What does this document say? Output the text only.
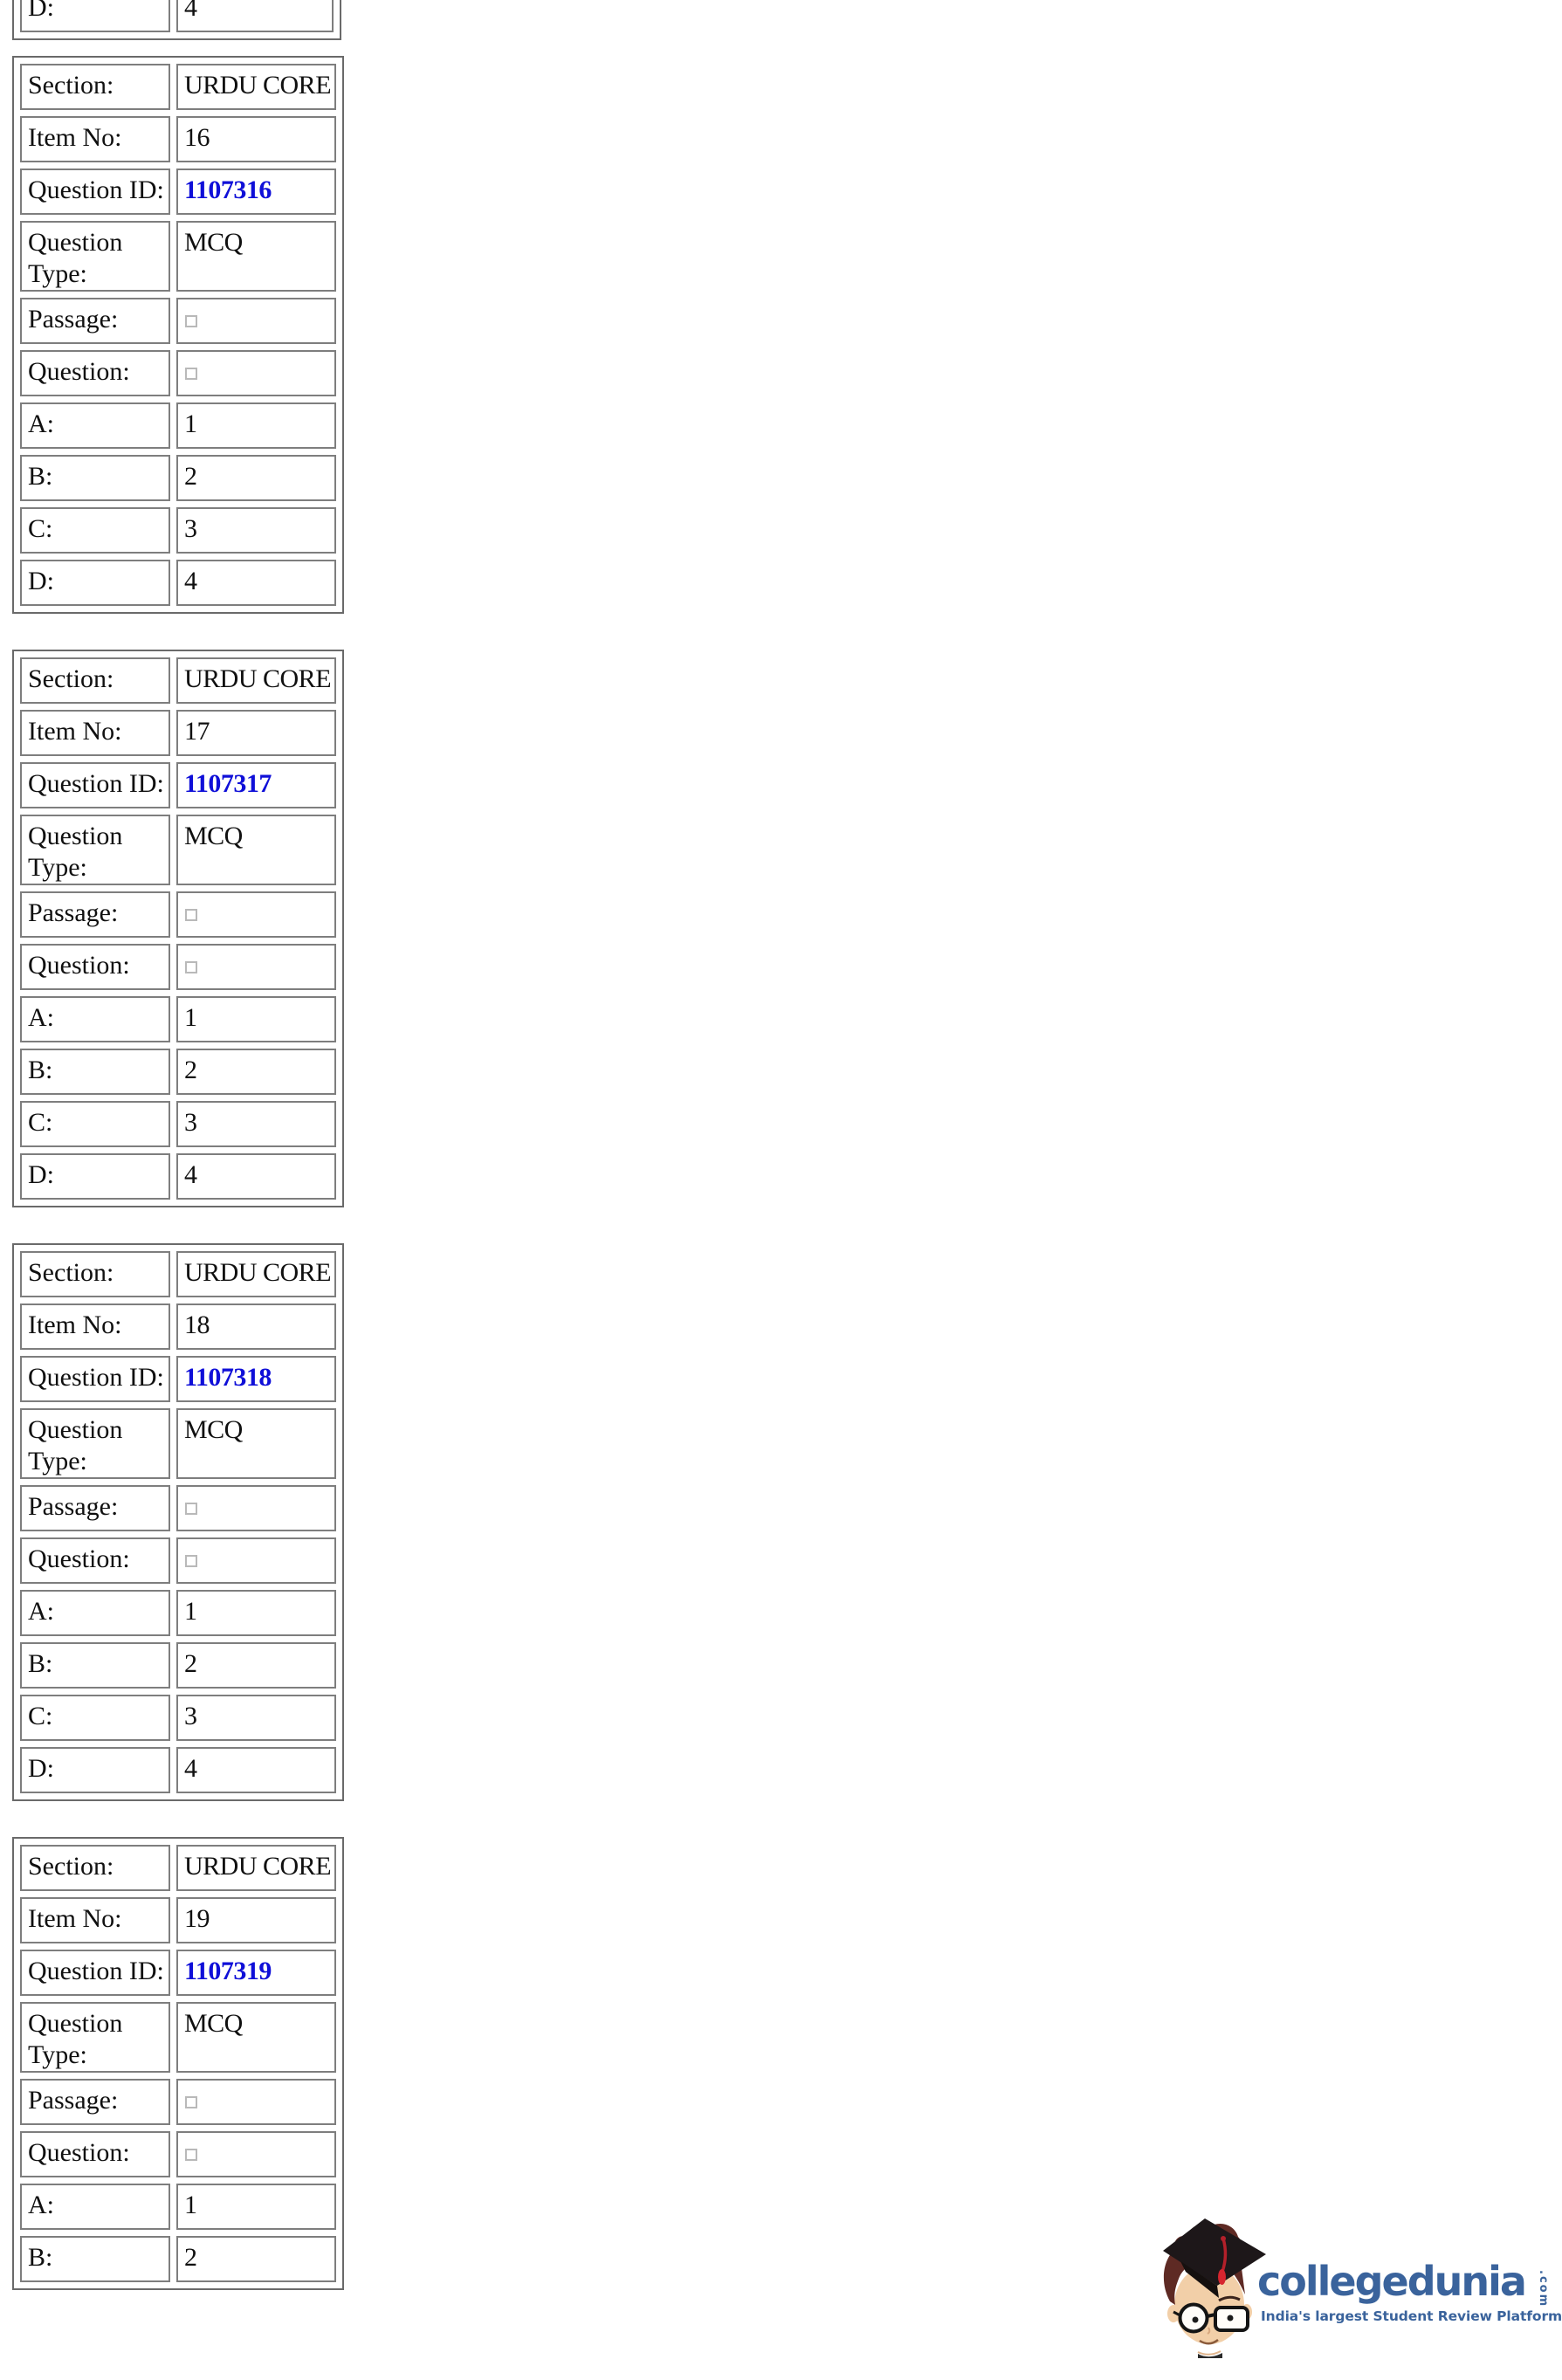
D:	4
Section:	URDU CORE

Item No:	16

Question ID:	1107316
Question Type:	MCQ

Passage:	
Question:	
A:	1

B:	2

C:	3

D:	4
Section:	URDU CORE

Item No:	17

Question ID:	1107317
Question Type:	MCQ

Passage:	
Question:	
A:	1

B:	2

C:	3

D:	4
Section:	URDU CORE

Item No:	18

Question ID:	1107318
Question Type:	MCQ

Passage:	
Question:	
A:	1

B:	2

C:	3

D:	4
Section:	URDU CORE

Item No:	19

Question ID:	1107319
Question Type:	MCQ

Passage:	
Question:	
A:	1

B:	2
collegedunia .com
India's largest Student Review Platform
